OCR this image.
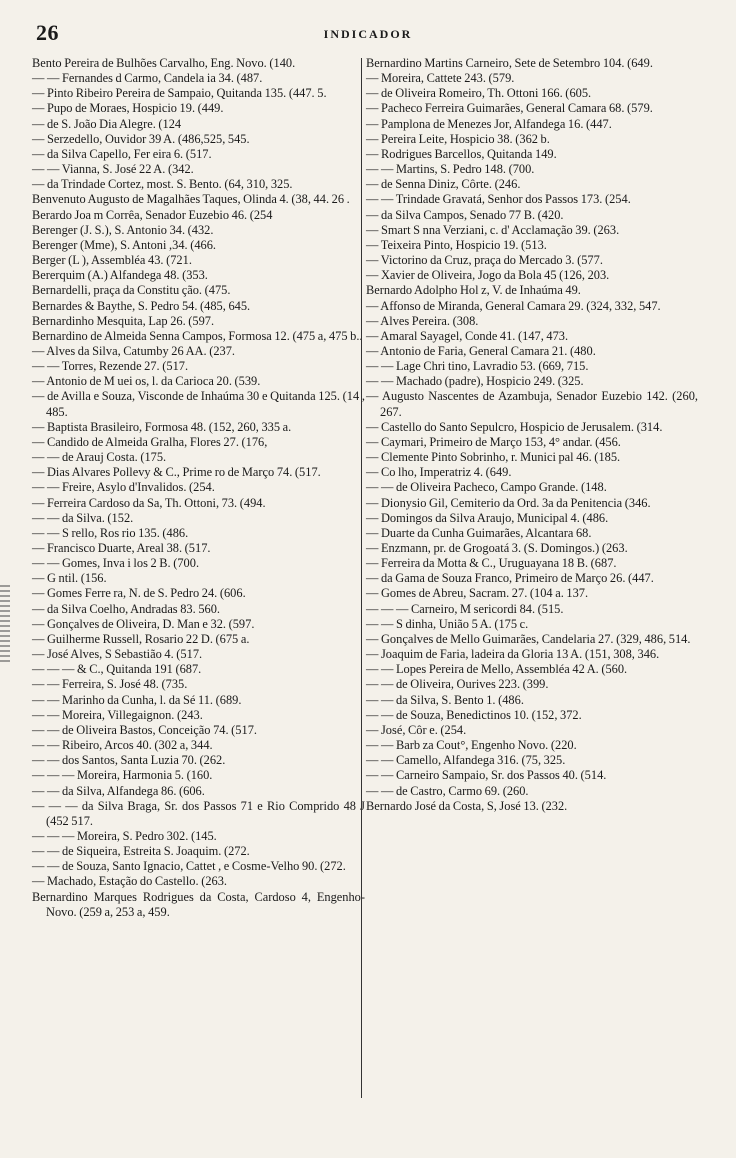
26	INDICADOR
Bento Pereira de Bulhões Carvalho, Eng. Novo. (140.
— — Fernandes d Carmo, Candela ia 34. (487.
— Pinto Ribeiro Pereira de Sampaio, Quitanda 135. (447. 5.
— Pupo de Moraes, Hospicio 19. (449.
— de S. João Dia Alegre. (124
— Serzedello, Ouvidor 39 A. (486,525, 545.
— da Silva Capello, Fer eira 6. (517.
— — Vianna, S. José 22 A. (342.
— da Trindade Cortez, most. S. Bento. (64, 310, 325.
Benvenuto Augusto de Magalhães Taques, Olinda 4. (38, 44. 26 .
Berardo Joa m Corrêa, Senador Euzebio 46. (254
Berenger (J. S.), S. Antonio 34. (432.
Berenger (Mme), S. Antoni ,34. (466.
Berger (L ), Assembléa 43. (721.
Bererquim (A.) Alfandega 48. (353.
Bernardelli, praça da Constitu ção. (475.
Bernardes & Baythe, S. Pedro 54. (485, 645.
Bernardinho Mesquita, Lap 26. (597.
Bernardino de Almeida Senna Campos, Formosa 12. (475 a, 475 b..
— Alves da Silva, Catumby 26 AA. (237.
— — Torres, Rezende 27. (517.
— Antonio de M uei os, l. da Carioca 20. (539.
— de Avilla e Souza, Visconde de Inhaúma 30 e Quitanda 125. (14 , 485.
— Baptista Brasileiro, Formosa 48. (152, 260, 335 a.
— Candido de Almeida Gralha, Flores 27. (176,
— — de Arauj Costa. (175.
— Dias Alvares Pollevy & C., Prime ro de Março 74. (517.
— — Freire, Asylo d'Invalidos. (254.
— Ferreira Cardoso da Sa, Th. Ottoni, 73. (494.
— — da Silva. (152.
— — S rello, Ros rio 135. (486.
— Francisco Duarte, Areal 38. (517.
— — Gomes, Inva i los 2 B. (700.
— G ntil. (156.
— Gomes Ferre ra, N. de S. Pedro 24. (606.
— da Silva Coelho, Andradas 83. 560.
— Gonçalves de Oliveira, D. Man e 32. (597.
— Guilherme Russell, Rosario 22 D. (675 a.
— José Alves, S Sebastião 4. (517.
— — — & C., Quitanda 191 (687.
— — Ferreira, S. José 48. (735.
— — Marinho da Cunha, l. da Sé 11. (689.
— — Moreira, Villegaignon. (243.
— — de Oliveira Bastos, Conceição 74. (517.
— — Ribeiro, Arcos 40. (302 a, 344.
— — dos Santos, Santa Luzia 70. (262.
— — — Moreira, Harmonia 5. (160.
— — da Silva, Alfandega 86. (606.
— — — da Silva Braga, Sr. dos Passos 71 e Rio Comprido 48 J (452 517.
— — — Moreira, S. Pedro 302. (145.
— — de Siqueira, Estreita S. Joaquim. (272.
— — de Souza, Santo Ignacio, Cattet , e Cosme-Velho 90. (272.
— Machado, Estação do Castello. (263.
Bernardino Marques Rodrigues da Costa, Cardoso 4, Engenho-Novo. (259 a, 253 a, 459.
Bernardino Martins Carneiro, Sete de Setembro 104. (649.
— Moreira, Cattete 243. (579.
— de Oliveira Romeiro, Th. Ottoni 166. (605.
— Pacheco Ferreira Guimarães, General Camara 68. (579.
— Pamplona de Menezes Jor, Alfandega 16. (447.
— Pereira Leite, Hospicio 38. (362 b.
— Rodrigues Barcellos, Quitanda 149.
— — Martins, S. Pedro 148. (700.
— de Senna Diniz, Côrte. (246.
— — Trindade Gravatá, Senhor dos Passos 173. (254.
— da Silva Campos, Senado 77 B. (420.
— Smart S nna Verziani, c. d' Acclamação 39. (263.
— Teixeira Pinto, Hospicio 19. (513.
— Victorino da Cruz, praça do Mercado 3. (577.
— Xavier de Oliveira, Jogo da Bola 45 (126, 203.
Bernardo Adolpho Hol z, V. de Inhaúma 49.
— Affonso de Miranda, General Camara 29. (324, 332, 547.
— Alves Pereira. (308.
— Amaral Sayagel, Conde 41. (147, 473.
— Antonio de Faria, General Camara 21. (480.
— — Lage Chri tino, Lavradio 53. (669, 715.
— — Machado (padre), Hospicio 249. (325.
— Augusto Nascentes de Azambuja, Senador Euzebio 142. (260, 267.
— Castello do Santo Sepulcro, Hospicio de Jerusalem. (314.
— Caymari, Primeiro de Março 153, 4° andar. (456.
— Clemente Pinto Sobrinho, r. Munici pal 46. (185.
— Co lho, Imperatriz 4. (649.
— — de Oliveira Pacheco, Campo Grande. (148.
— Dionysio Gil, Cemiterio da Ord. 3a da Penitencia (346.
— Domingos da Silva Araujo, Municipal 4. (486.
— Duarte da Cunha Guimarães, Alcantara 68.
— Enzmann, pr. de Grogoatá 3. (S. Domingos.) (263.
— Ferreira da Motta & C., Uruguayana 18 B. (687.
— da Gama de Souza Franco, Primeiro de Março 26. (447.
— Gomes de Abreu, Sacram. 27. (104 a. 137.
— — — Carneiro, M sericordi 84. (515.
— — S dinha, União 5 A. (175 c.
— Gonçalves de Mello Guimarães, Candelaria 27. (329, 486, 514.
— Joaquim de Faria, ladeira da Gloria 13 A. (151, 308, 346.
— — Lopes Pereira de Mello, Assembléa 42 A. (560.
— — de Oliveira, Ourives 223. (399.
— — da Silva, S. Bento 1. (486.
— — de Souza, Benedictinos 10. (152, 372.
— José, Côr e. (254.
— — Barb za Cout°, Engenho Novo. (220.
— — Camello, Alfandega 316. (75, 325.
— — Carneiro Sampaio, Sr. dos Passos 40. (514.
— — de Castro, Carmo 69. (260.
Bernardo José da Costa, S, José 13. (232.
